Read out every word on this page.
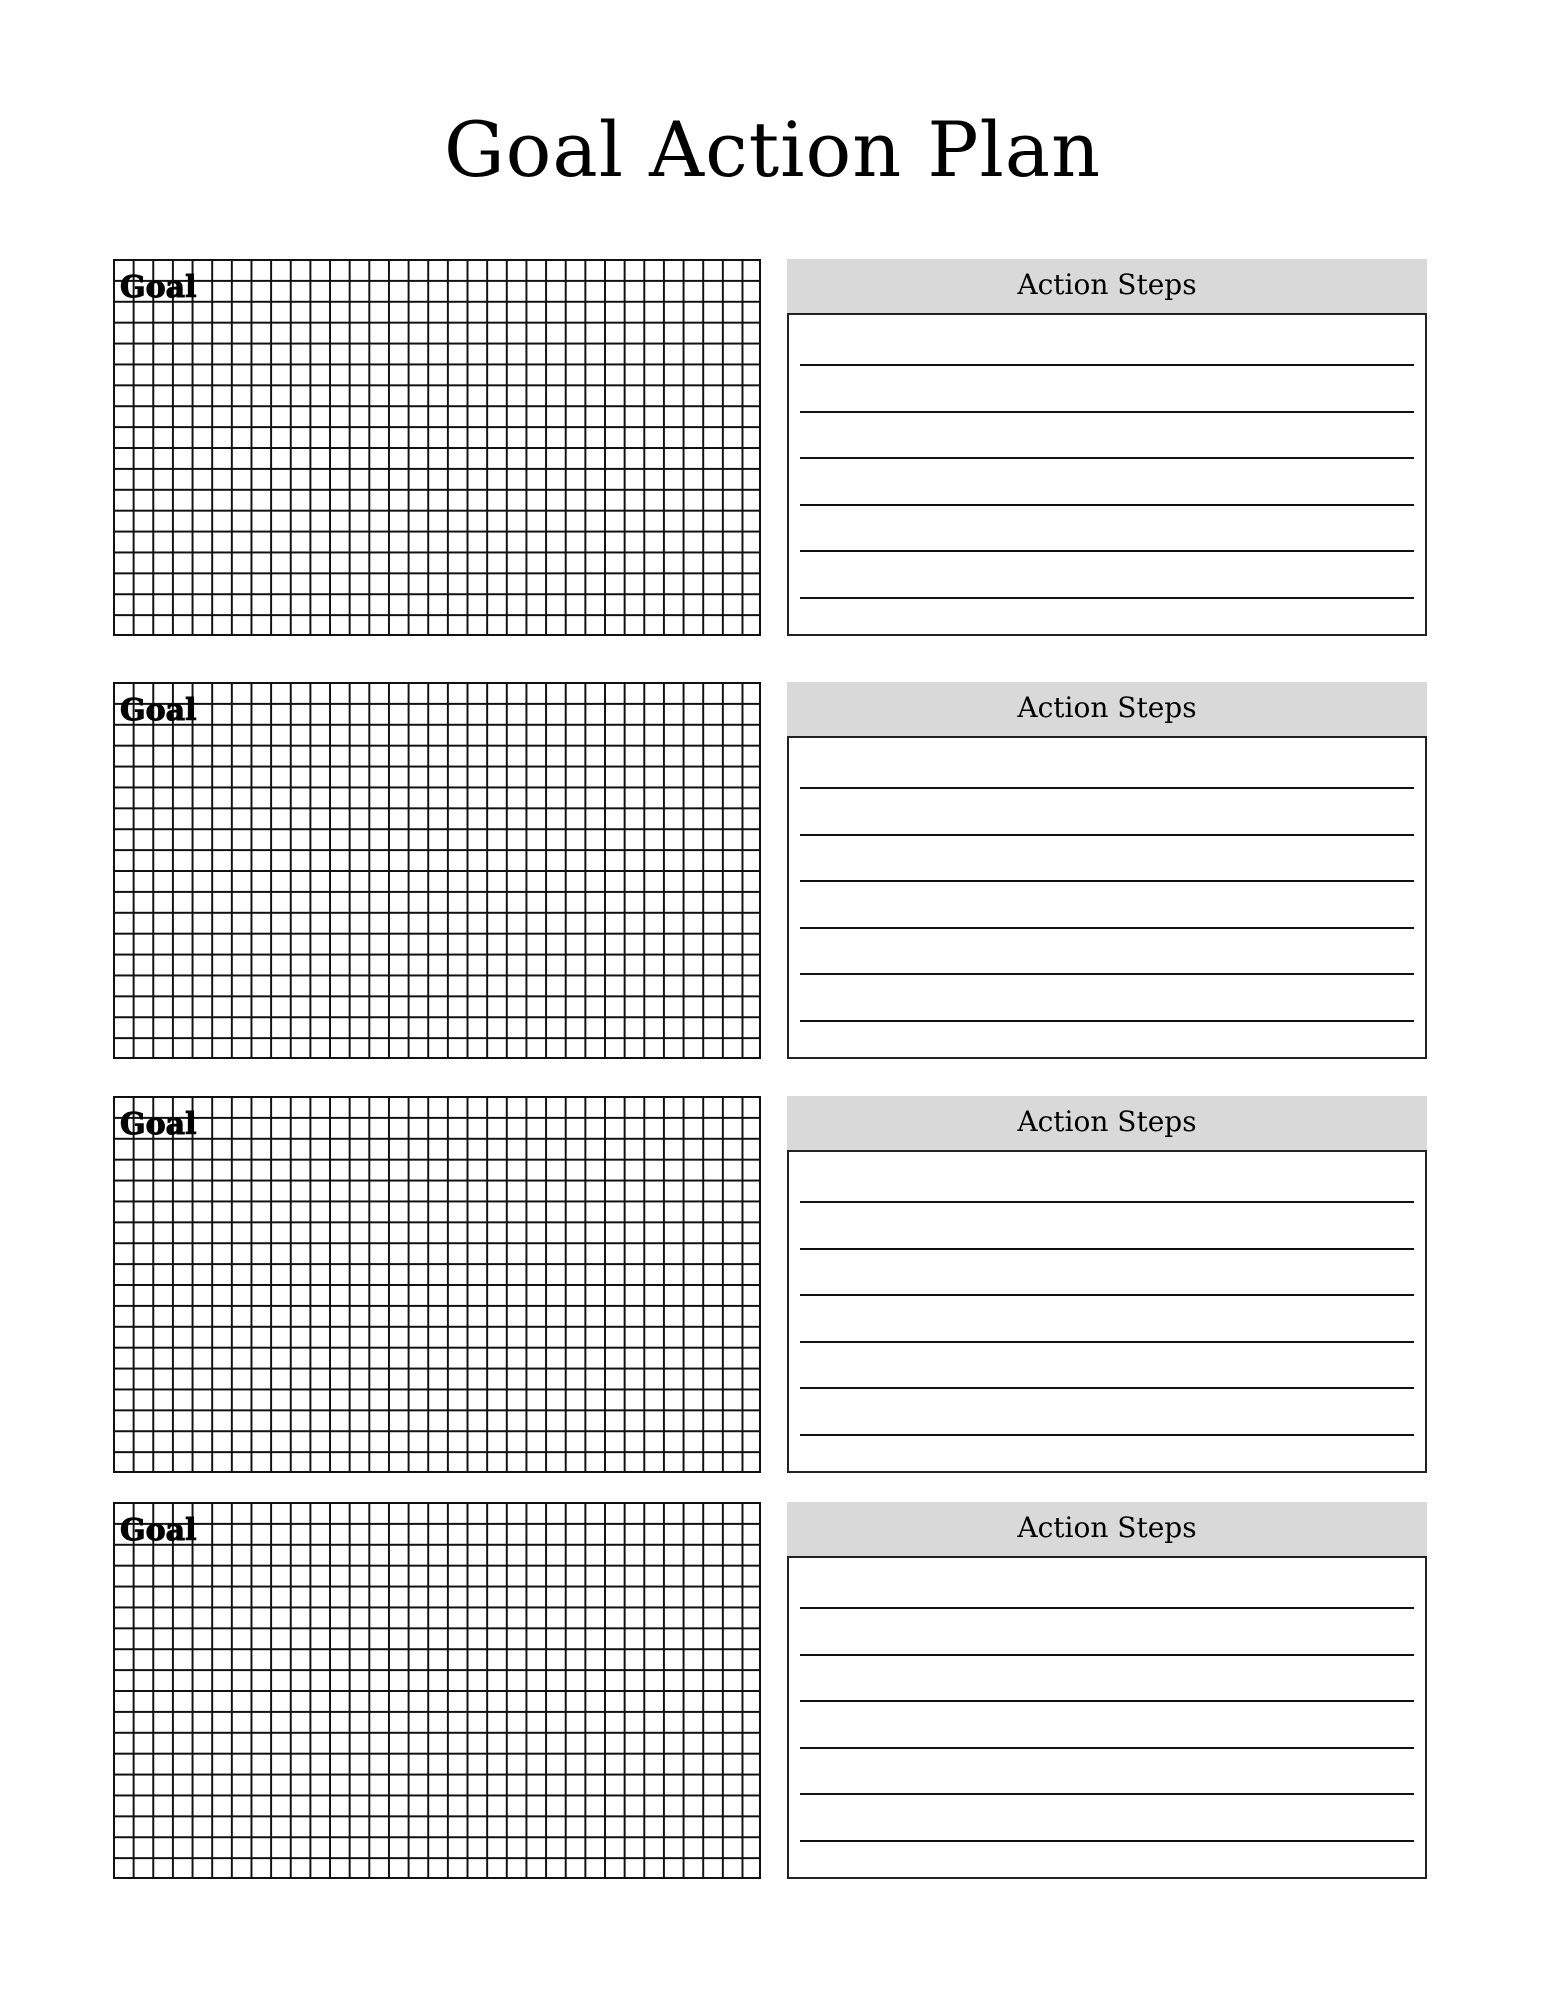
Goal Action Plan
Goal	Action Steps
Goal	Action Steps
Goal	Action Steps
Goal	Action Steps
